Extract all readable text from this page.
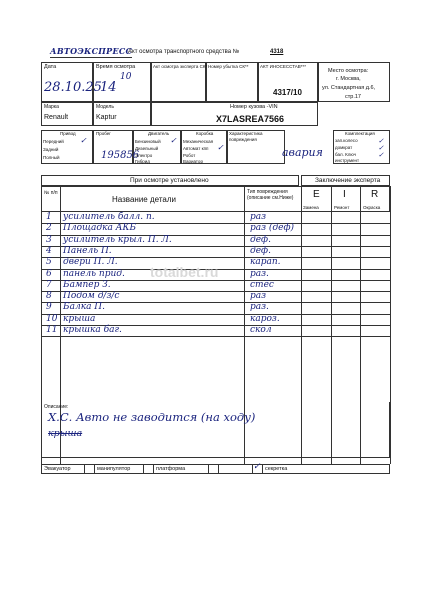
АВТОЭКСПРЕСС
Акт осмотра транспортного средства №	4318
Дата
28.10.25
Время осмотра
14
10
Акт осмотра эксперта СК* Номер убытка СК**	АКТ ИНОСЕССТАВ***
4317/10
Место осмотра:
г. Москва,
ул. Стандартная д.6,
стр.17
Марка
Renault
Модель
Kaptur
Номер кузова -VIN
X7LASREA7566
Привод
Передний
Задний
Полный
✓
Пробег
195856
Двигатель
Бензиновый
Дизельный
Электро
Гибрид
✓
Коробка
Механическая
Автомат кпп
Робот
Вариатор
✓
Характеристика повреждения
авария
Комплектация
зап.колесо
домкрат
бал. Ключ
инструмент
✓
✓
✓
При осмотре установлено	Заключение эксперта
№ п/п
Название детали
Тип повреждения (описание см.Ниже)	E I	R
Замена	Ремонт	Окраска
1 усилитель балл. п.	раз
2 Площадка АКБ	раз (деф)
3 усилитель крыл. П. Л.	деф.
4 Панель П.	деф.
5 двери П. Л.	карап.
6 панель прид.	раз.
7 Бампер З.	стёс
8 Подом д/з/с	раз
9 Балка П.	раз.
10 крыша	кароз.
11 крышка баг.	скол
Описание:
Х.С. Авто не заводится (на ходу)
крыша
Эвакуатор	манипулятор	платформа	секретка
✓
totalbet.ru
